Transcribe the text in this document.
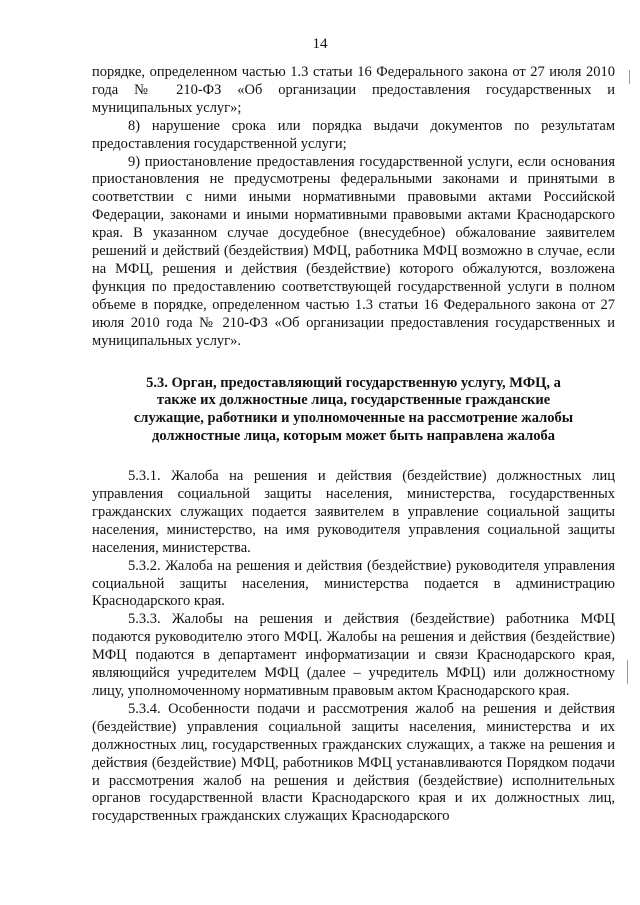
14

порядке, определенном частью 1.3 статьи 16 Федерального закона от 27 июля 2010 года № 210-ФЗ «Об организации предоставления государственных и муниципальных услуг»;

8) нарушение срока или порядка выдачи документов по результатам предоставления государственной услуги;

9) приостановление предоставления государственной услуги, если основания приостановления не предусмотрены федеральными законами и принятыми в соответствии с ними иными нормативными правовыми актами Российской Федерации, законами и иными нормативными правовыми актами Краснодарского края. В указанном случае досудебное (внесудебное) обжалование заявителем решений и действий (бездействия) МФЦ, работника МФЦ возможно в случае, если на МФЦ, решения и действия (бездействие) которого обжалуются, возложена функция по предоставлению соответствующей государственной услуги в полном объеме в порядке, определенном частью 1.3 статьи 16 Федерального закона от 27 июля 2010 года № 210-ФЗ «Об организации предоставления государственных и муниципальных услуг».

5.3. Орган, предоставляющий государственную услугу, МФЦ, а также их должностные лица, государственные гражданские служащие, работники и уполномоченные на рассмотрение жалобы должностные лица, которым может быть направлена жалоба

5.3.1. Жалоба на решения и действия (бездействие) должностных лиц управления социальной защиты населения, министерства, государственных гражданских служащих подается заявителем в управление социальной защиты населения, министерство, на имя руководителя управления социальной защиты населения, министерства.

5.3.2. Жалоба на решения и действия (бездействие) руководителя управления социальной защиты населения, министерства подается в администрацию Краснодарского края.

5.3.3. Жалобы на решения и действия (бездействие) работника МФЦ подаются руководителю этого МФЦ. Жалобы на решения и действия (бездействие) МФЦ подаются в департамент информатизации и связи Краснодарского края, являющийся учредителем МФЦ (далее – учредитель МФЦ) или должностному лицу, уполномоченному нормативным правовым актом Краснодарского края.

5.3.4. Особенности подачи и рассмотрения жалоб на решения и действия (бездействие) управления социальной защиты населения, министерства и их должностных лиц, государственных гражданских служащих, а также на решения и действия (бездействие) МФЦ, работников МФЦ устанавливаются Порядком подачи и рассмотрения жалоб на решения и действия (бездействие) исполнительных органов государственной власти Краснодарского края и их должностных лиц, государственных гражданских служащих Краснодарского
